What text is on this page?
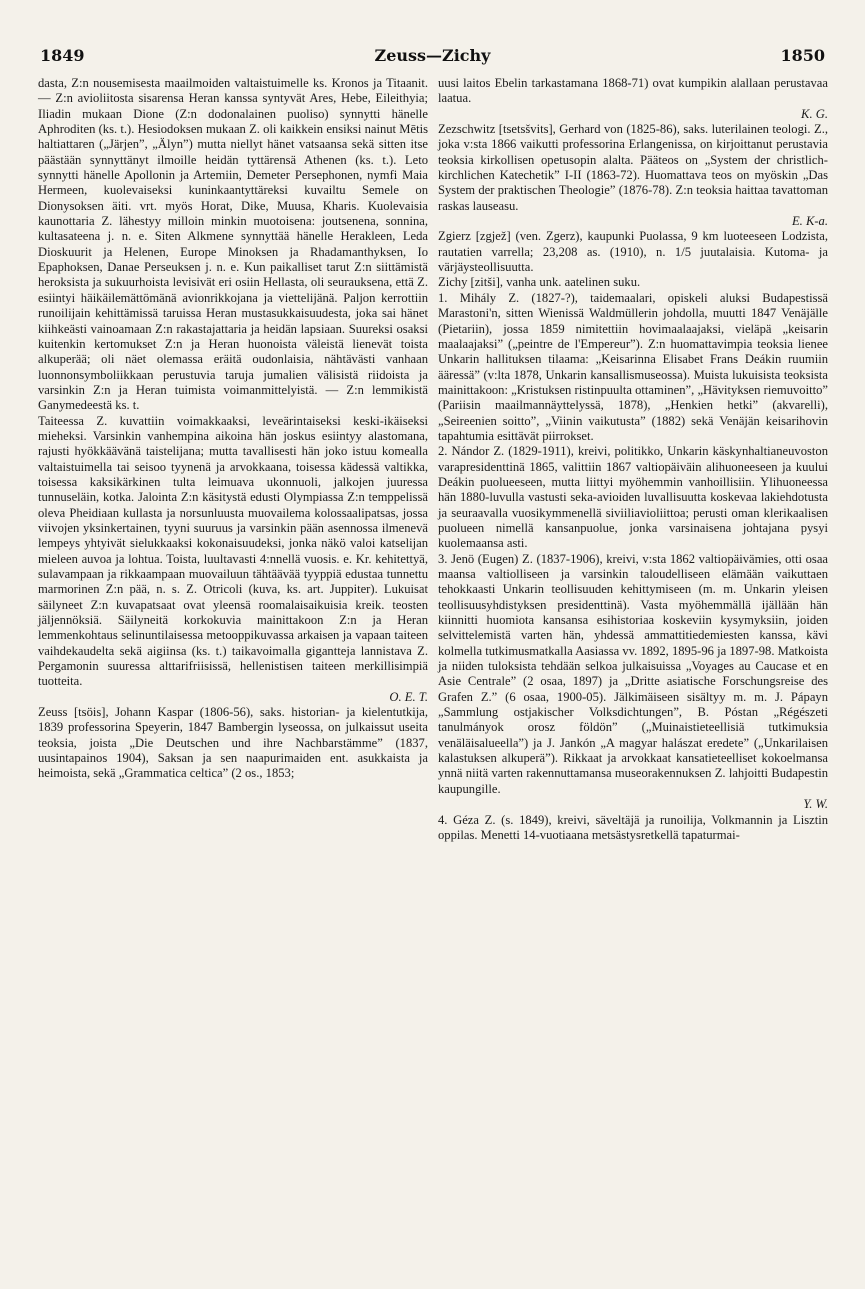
1849	Zeuss—Zichy	1850

dasta, Z:n nousemisesta maailmoiden valtaistuimelle ks. Kronos ja Titaanit. — Z:n avioliitosta sisarensa Heran kanssa syntyvät Ares, Hebe, Eileithyia; Iliadin mukaan Dione (Z:n dodonalainen puoliso) synnytti hänelle Aphroditen (ks. t.). Hesiodoksen mukaan Z. oli kaikkein ensiksi nainut Mētis haltiattaren („Järjen”, „Älyn”) mutta niellyt hänet vatsaansa sekä sitten itse päästään synnyttänyt ilmoille heidän tyttärensä Athenen (ks. t.). Leto synnytti hänelle Apollonin ja Artemiin, Demeter Persephonen, nymfi Maia Hermeen, kuolevaiseksi kuninkaantyttäreksi kuvailtu Semele on Dionysoksen äiti. vrt. myös Horat, Dike, Muusa, Kharis. Kuolevaisia kaunottaria Z. lähestyy milloin minkin muotoisena: joutsenena, sonnina, kultasateena j. n. e. Siten Alkmene synnyttää hänelle Herakleen, Leda Dioskuurit ja Helenen, Europe Minoksen ja Rhadamanthyksen, Io Epaphoksen, Danae Perseuksen j. n. e. Kun paikalliset tarut Z:n siittämistä heroksista ja sukuurhoista levisivät eri osiin Hellasta, oli seurauksena, että Z. esiintyi häikäilemättömänä avionrikkojana ja viettelijänä. Paljon kerrottiin runoilijain kehittämissä taruissa Heran mustasukkaisuudesta, joka sai hänet kiihkeästi vainoamaan Z:n rakastajattaria ja heidän lapsiaan. Suureksi osaksi kuitenkin kertomukset Z:n ja Heran huonoista väleistä lienevät toista alkuperää; oli näet olemassa eräitä oudonlaisia, nähtävästi vanhaan luonnonsymboliikkaan perustuvia taruja jumalien välisistä riidoista ja varsinkin Z:n ja Heran tuimista voimanmittelyistä. — Z:n lemmikistä Ganymedeestä ks. t.

Taiteessa Z. kuvattiin voimakkaaksi, leveärintaiseksi keski-ikäiseksi mieheksi. Varsinkin vanhempina aikoina hän joskus esiintyy alastomana, rajusti hyökkäävänä taistelijana; mutta tavallisesti hän joko istuu komealla valtaistuimella tai seisoo tyynenä ja arvokkaana, toisessa kädessä valtikka, toisessa kaksikärkinen tulta leimuava ukonnuoli, jalkojen juuressa tunnuseläin, kotka. Jalointa Z:n käsitystä edusti Olympiassa Z:n temppelissä oleva Pheidiaan kullasta ja norsunluusta muovailema kolossaalipatsas, jossa viivojen yksinkertainen, tyyni suuruus ja varsinkin pään asennossa ilmenevä lempeys yhtyivät sielukkaaksi kokonaisuudeksi, jonka näkö valoi katselijan mieleen auvoa ja lohtua. Toista, luultavasti 4:nnellä vuosis. e. Kr. kehitettyä, sulavampaan ja rikkaampaan muovailuun tähtäävää tyyppiä edustaa tunnettu marmorinen Z:n pää, n. s. Z. Otricoli (kuva, ks. art. Juppiter). Lukuisat säilyneet Z:n kuvapatsaat ovat yleensä roomalaisaikuisia kreik. teosten jäljennöksiä. Säilyneitä korkokuvia mainittakoon Z:n ja Heran lemmenkohtaus selinuntilaisessa metooppikuvassa arkaisen ja vapaan taiteen vaihdekaudelta sekä aigiinsa (ks. t.) taikavoimalla gigantteja lannistava Z. Pergamonin suuressa alttarifriisissä, hellenistisen taiteen merkillisimpiä tuotteita.

O. E. T.

Zeuss [tsöis], Johann Kaspar (1806-56), saks. historian- ja kielentutkija, 1839 professorina Speyerin, 1847 Bambergin lyseossa, on julkaissut useita teoksia, joista „Die Deutschen und ihre Nachbarstämme” (1837, uusintapainos 1904), Saksan ja sen naapurimaiden ent. asukkaista ja heimoista, sekä „Grammatica celtica” (2 os., 1853;

uusi laitos Ebelin tarkastamana 1868-71) ovat kumpikin alallaan perustavaa laatua.

K. G.

Zezschwitz [tsetsšvits], Gerhard von (1825-86), saks. luterilainen teologi. Z., joka v:sta 1866 vaikutti professorina Erlangenissa, on kirjoittanut perustavia teoksia kirkollisen opetusopin alalta. Pääteos on „System der christlich-kirchlichen Katechetik” I-II (1863-72). Huomattava teos on myöskin „Das System der praktischen Theologie” (1876-78). Z:n teoksia haittaa tavattoman raskas lauseasu.

E. K-a.

Zgierz [zgjež] (ven. Zgerz), kaupunki Puolassa, 9 km luoteeseen Lodzista, rautatien varrella; 23,208 as. (1910), n. 1/5 juutalaisia. Kutoma- ja värjäysteollisuutta.

Zichy [zitši], vanha unk. aatelinen suku.

1. Mihály Z. (1827-?), taidemaalari, opiskeli aluksi Budapestissä Marastoni'n, sitten Wienissä Waldmüllerin johdolla, muutti 1847 Venäjälle (Pietariin), jossa 1859 nimitettiin hovimaalaajaksi, vieläpä „keisarin maalaajaksi” („peintre de l'Empereur”). Z:n huomattavimpia teoksia lienee Unkarin hallituksen tilaama: „Keisarinna Elisabet Frans Deákin ruumiin ääressä” (v:lta 1878, Unkarin kansallismuseossa). Muista lukuisista teoksista mainittakoon: „Kristuksen ristinpuulta ottaminen”, „Hävityksen riemuvoitto” (Pariisin maailmannäyttelyssä, 1878), „Henkien hetki” (akvarelli), „Seireenien soitto”, „Viinin vaikutusta” (1882) sekä Venäjän keisarihovin tapahtumia esittävät piirrokset.

2. Nándor Z. (1829-1911), kreivi, politikko, Unkarin käskynhaltianeuvoston varapresidenttinä 1865, valittiin 1867 valtiopäiväin alihuoneeseen ja kuului Deákin puolueeseen, mutta liittyi myöhemmin vanhoillisiin. Ylihuoneessa hän 1880-luvulla vastusti seka-avioiden luvallisuutta koskevaa lakiehdotusta ja seuraavalla vuosikymmenellä siviiliavioliittoa; perusti oman klerikaalisen puolueen nimellä kansanpuolue, jonka varsinaisena johtajana pysyi kuolemaansa asti.

3. Jenö (Eugen) Z. (1837-1906), kreivi, v:sta 1862 valtiopäivämies, otti osaa maansa valtiolliseen ja varsinkin taloudelliseen elämään vaikuttaen tehokkaasti Unkarin teollisuuden kehittymiseen (m. m. Unkarin yleisen teollisuusyhdistyksen presidenttinä). Vasta myöhemmällä ijällään hän kiinnitti huomiota kansansa esihistoriaa koskeviin kysymyksiin, joiden selvittelemistä varten hän, yhdessä ammattitiedemiesten kanssa, kävi kolmella tutkimusmatkalla Aasiassa vv. 1892, 1895-96 ja 1897-98. Matkoista ja niiden tuloksista tehdään selkoa julkaisuissa „Voyages au Caucase et en Asie Centrale” (2 osaa, 1897) ja „Dritte asiatische Forschungsreise des Grafen Z.” (6 osaa, 1900-05). Jälkimäiseen sisältyy m. m. J. Pápayn „Sammlung ostjakischer Volksdichtungen”, B. Póstan „Régészeti tanulmányok orosz földön” („Muinaistieteellisiä tutkimuksia venäläisalueella”) ja J. Jankón „A magyar halászat eredete” („Unkarilaisen kalastuksen alkuperä”). Rikkaat ja arvokkaat kansatieteelliset kokoelmansa ynnä niitä varten rakennuttamansa museorakennuksen Z. lahjoitti Budapestin kaupungille.

Y. W.

4. Géza Z. (s. 1849), kreivi, säveltäjä ja runoilija, Volkmannin ja Lisztin oppilas. Menetti 14-vuotiaana metsästysretkellä tapaturmai-
